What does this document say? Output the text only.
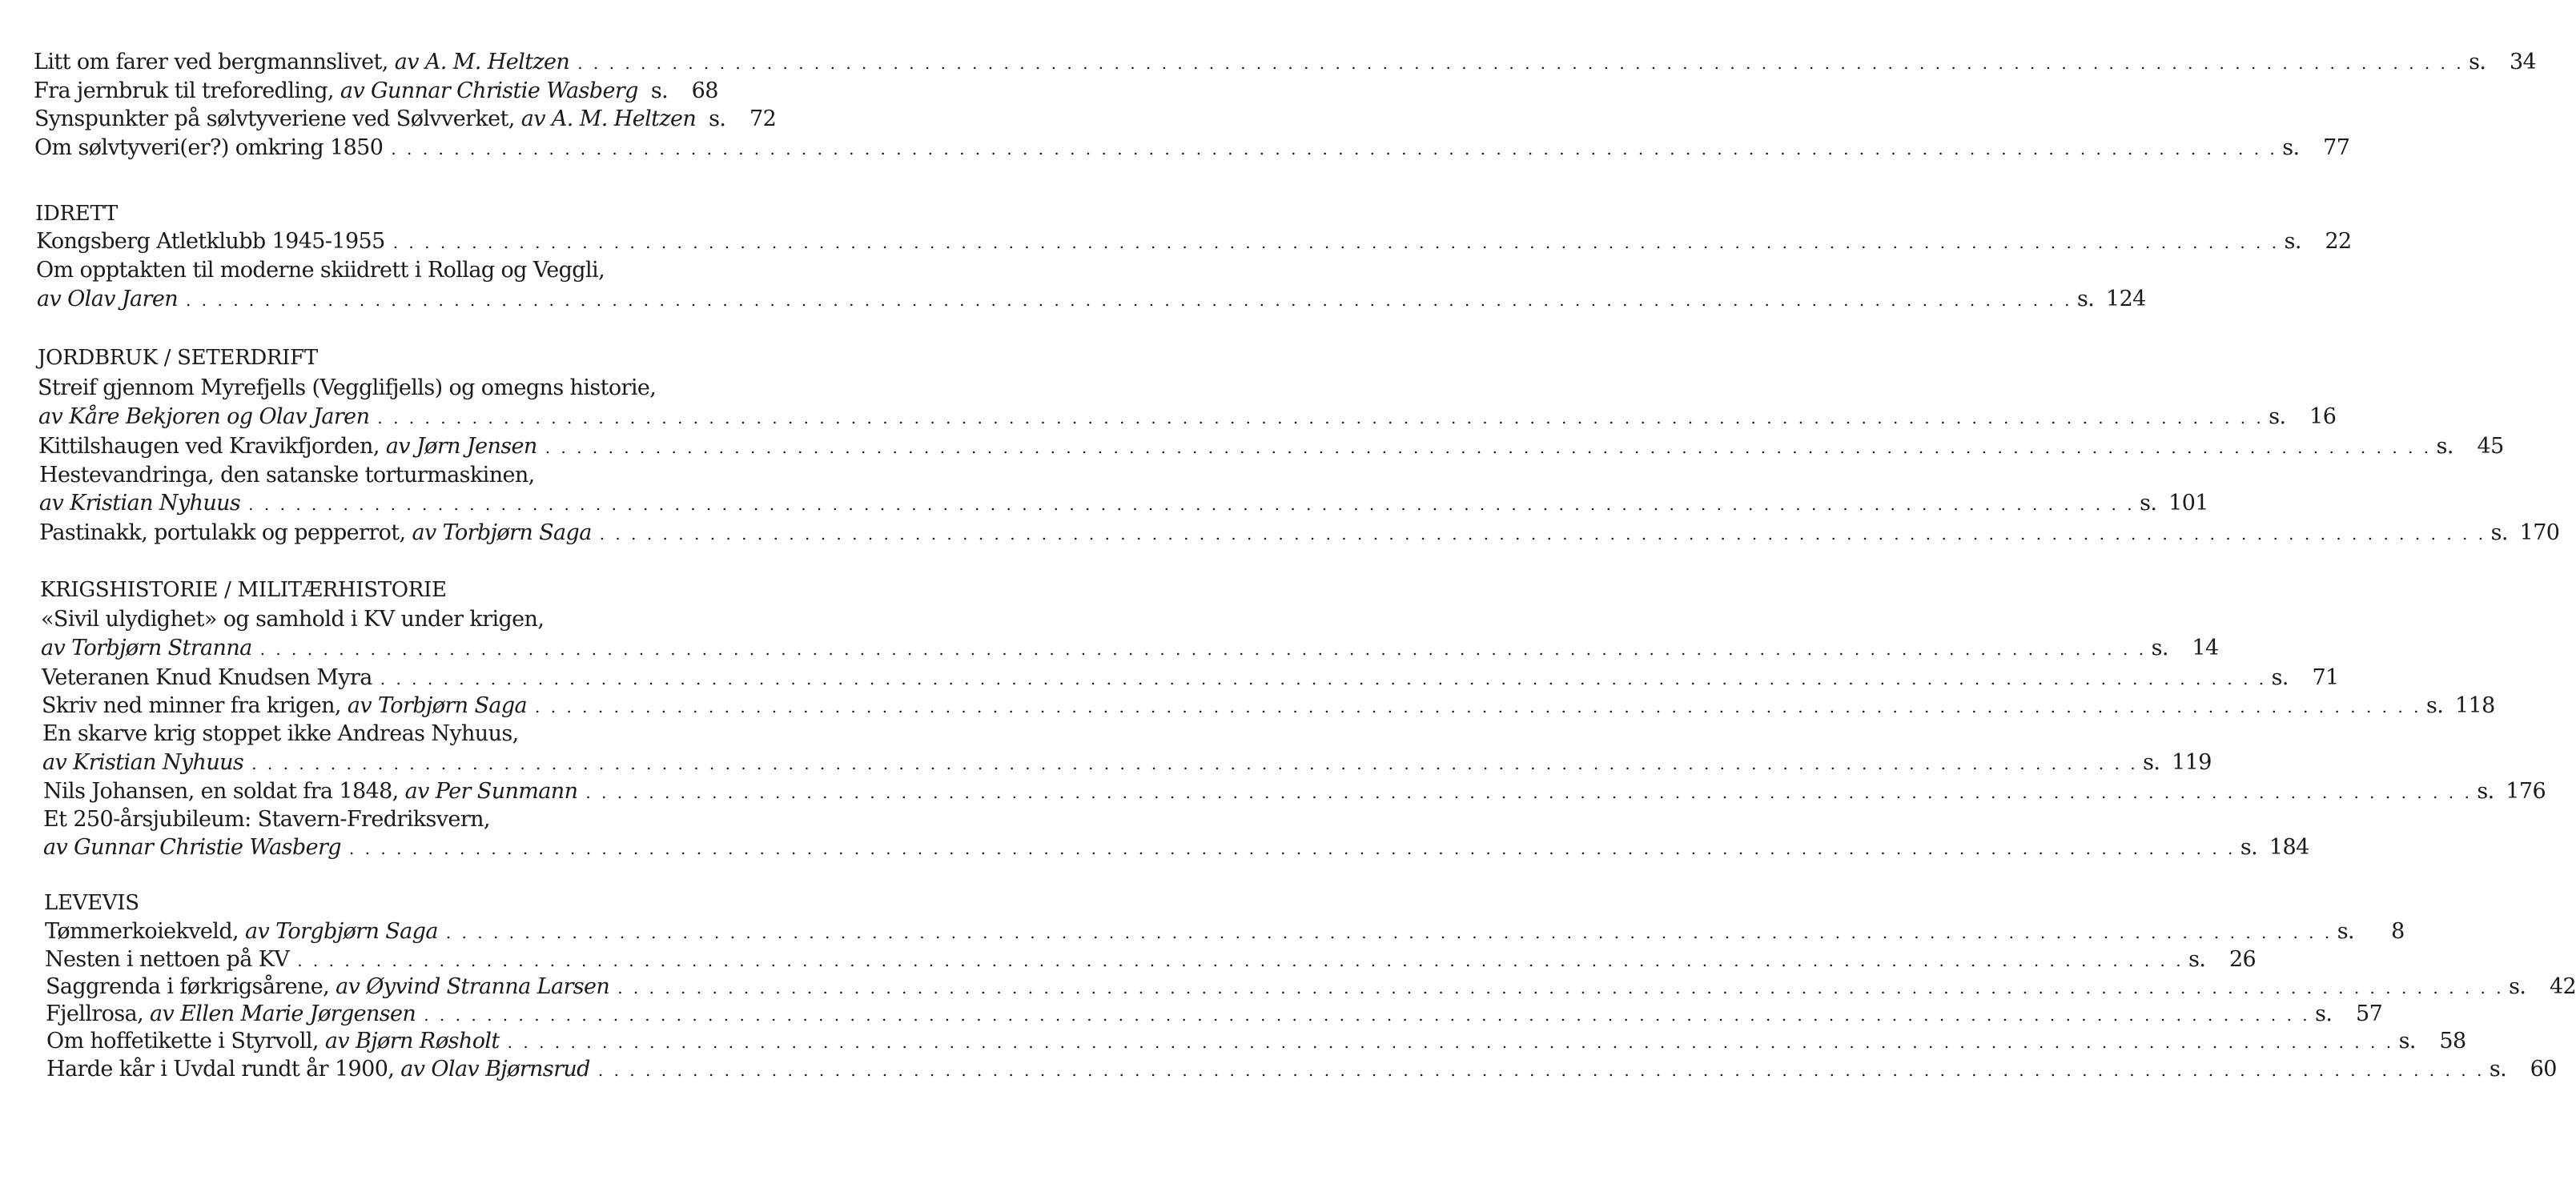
Litt om farer ved bergmannslivet, av A. M. Heltzen . . . . . . . . . . . . . . . . . . . . . . . . . . . . . . . . . . . . . . . . . . . . . . . . . . . . . . . . . . . . . . . . . . . . . . . . . . . . . . . . . . . . . . . . . . . . . . . . . . . . . . . . . . . . . . . . . . . . . . . . s.	34
Fra jernbruk til treforedling, av Gunnar Christie Wasberg s.	68
Synspunkter på sølvtyveriene ved Sølvverket, av A. M. Heltzen s.	72
Om sølvtyveri(er?) omkring 1850 . . . . . . . . . . . . . . . . . . . . . . . . . . . . . . . . . . . . . . . . . . . . . . . . . . . . . . . . . . . . . . . . . . . . . . . . . . . . . . . . . . . . . . . . . . . . . . . . . . . . . . . . . . . . . . . . . . . . . . . . s.	77
IDRETT
Kongsberg Atletklubb 1945-1955 . . . . . . . . . . . . . . . . . . . . . . . . . . . . . . . . . . . . . . . . . . . . . . . . . . . . . . . . . . . . . . . . . . . . . . . . . . . . . . . . . . . . . . . . . . . . . . . . . . . . . . . . . . . . . . . . . . . . . . . . s.	22
Om opptakten til moderne skiidrett i Rollag og Veggli,
av Olav Jaren . . . . . . . . . . . . . . . . . . . . . . . . . . . . . . . . . . . . . . . . . . . . . . . . . . . . . . . . . . . . . . . . . . . . . . . . . . . . . . . . . . . . . . . . . . . . . . . . . . . . . . . . . . . . . . . . . . . . . . . . s. 124
JORDBRUK / SETERDRIFT
Streif gjennom Myrefjells (Vegglifjells) og omegns historie,
av Kåre Bekjoren og Olav Jaren . . . . . . . . . . . . . . . . . . . . . . . . . . . . . . . . . . . . . . . . . . . . . . . . . . . . . . . . . . . . . . . . . . . . . . . . . . . . . . . . . . . . . . . . . . . . . . . . . . . . . . . . . . . . . . . . . . . . . . . . s.	16
Kittilshaugen ved Kravikfjorden, av Jørn Jensen . . . . . . . . . . . . . . . . . . . . . . . . . . . . . . . . . . . . . . . . . . . . . . . . . . . . . . . . . . . . . . . . . . . . . . . . . . . . . . . . . . . . . . . . . . . . . . . . . . . . . . . . . . . . . . . . . . . . . . . . s.	45
Hestevandringa, den satanske torturmaskinen,
av Kristian Nyhuus . . . . . . . . . . . . . . . . . . . . . . . . . . . . . . . . . . . . . . . . . . . . . . . . . . . . . . . . . . . . . . . . . . . . . . . . . . . . . . . . . . . . . . . . . . . . . . . . . . . . . . . . . . . . . . . . . . . . . . . . s. 101
Pastinakk, portulakk og pepperrot, av Torbjørn Saga . . . . . . . . . . . . . . . . . . . . . . . . . . . . . . . . . . . . . . . . . . . . . . . . . . . . . . . . . . . . . . . . . . . . . . . . . . . . . . . . . . . . . . . . . . . . . . . . . . . . . . . . . . . . . . . . . . . . . . . . s. 170
KRIGSHISTORIE / MILITÆRHISTORIE
«Sivil ulydighet» og samhold i KV under krigen,
av Torbjørn Stranna . . . . . . . . . . . . . . . . . . . . . . . . . . . . . . . . . . . . . . . . . . . . . . . . . . . . . . . . . . . . . . . . . . . . . . . . . . . . . . . . . . . . . . . . . . . . . . . . . . . . . . . . . . . . . . . . . . . . . . . . s.	14
Veteranen Knud Knudsen Myra . . . . . . . . . . . . . . . . . . . . . . . . . . . . . . . . . . . . . . . . . . . . . . . . . . . . . . . . . . . . . . . . . . . . . . . . . . . . . . . . . . . . . . . . . . . . . . . . . . . . . . . . . . . . . . . . . . . . . . . . s.	71
Skriv ned minner fra krigen, av Torbjørn Saga . . . . . . . . . . . . . . . . . . . . . . . . . . . . . . . . . . . . . . . . . . . . . . . . . . . . . . . . . . . . . . . . . . . . . . . . . . . . . . . . . . . . . . . . . . . . . . . . . . . . . . . . . . . . . . . . . . . . . . . . s. 118
En skarve krig stoppet ikke Andreas Nyhuus,
av Kristian Nyhuus . . . . . . . . . . . . . . . . . . . . . . . . . . . . . . . . . . . . . . . . . . . . . . . . . . . . . . . . . . . . . . . . . . . . . . . . . . . . . . . . . . . . . . . . . . . . . . . . . . . . . . . . . . . . . . . . . . . . . . . . s. 119
Nils Johansen, en soldat fra 1848, av Per Sunmann . . . . . . . . . . . . . . . . . . . . . . . . . . . . . . . . . . . . . . . . . . . . . . . . . . . . . . . . . . . . . . . . . . . . . . . . . . . . . . . . . . . . . . . . . . . . . . . . . . . . . . . . . . . . . . . . . . . . . . . . s. 176
Et 250-årsjubileum: Stavern-Fredriksvern,
av Gunnar Christie Wasberg . . . . . . . . . . . . . . . . . . . . . . . . . . . . . . . . . . . . . . . . . . . . . . . . . . . . . . . . . . . . . . . . . . . . . . . . . . . . . . . . . . . . . . . . . . . . . . . . . . . . . . . . . . . . . . . . . . . . . . . . s. 184
LEVEVIS
Tømmerkoiekveld, av Torgbjørn Saga . . . . . . . . . . . . . . . . . . . . . . . . . . . . . . . . . . . . . . . . . . . . . . . . . . . . . . . . . . . . . . . . . . . . . . . . . . . . . . . . . . . . . . . . . . . . . . . . . . . . . . . . . . . . . . . . . . . . . . . . s.	8
Nesten i nettoen på KV . . . . . . . . . . . . . . . . . . . . . . . . . . . . . . . . . . . . . . . . . . . . . . . . . . . . . . . . . . . . . . . . . . . . . . . . . . . . . . . . . . . . . . . . . . . . . . . . . . . . . . . . . . . . . . . . . . . . . . . . s.	26
Saggrenda i førkrigsårene, av Øyvind Stranna Larsen . . . . . . . . . . . . . . . . . . . . . . . . . . . . . . . . . . . . . . . . . . . . . . . . . . . . . . . . . . . . . . . . . . . . . . . . . . . . . . . . . . . . . . . . . . . . . . . . . . . . . . . . . . . . . . . . . . . . . . . . s.	42
Fjellrosa, av Ellen Marie Jørgensen . . . . . . . . . . . . . . . . . . . . . . . . . . . . . . . . . . . . . . . . . . . . . . . . . . . . . . . . . . . . . . . . . . . . . . . . . . . . . . . . . . . . . . . . . . . . . . . . . . . . . . . . . . . . . . . . . . . . . . . . s.	57
Om hoffetikette i Styrvoll, av Bjørn Røsholt . . . . . . . . . . . . . . . . . . . . . . . . . . . . . . . . . . . . . . . . . . . . . . . . . . . . . . . . . . . . . . . . . . . . . . . . . . . . . . . . . . . . . . . . . . . . . . . . . . . . . . . . . . . . . . . . . . . . . . . . s.	58
Harde kår i Uvdal rundt år 1900, av Olav Bjørnsrud . . . . . . . . . . . . . . . . . . . . . . . . . . . . . . . . . . . . . . . . . . . . . . . . . . . . . . . . . . . . . . . . . . . . . . . . . . . . . . . . . . . . . . . . . . . . . . . . . . . . . . . . . . . . . . . . . . . . . . . . s.	60
